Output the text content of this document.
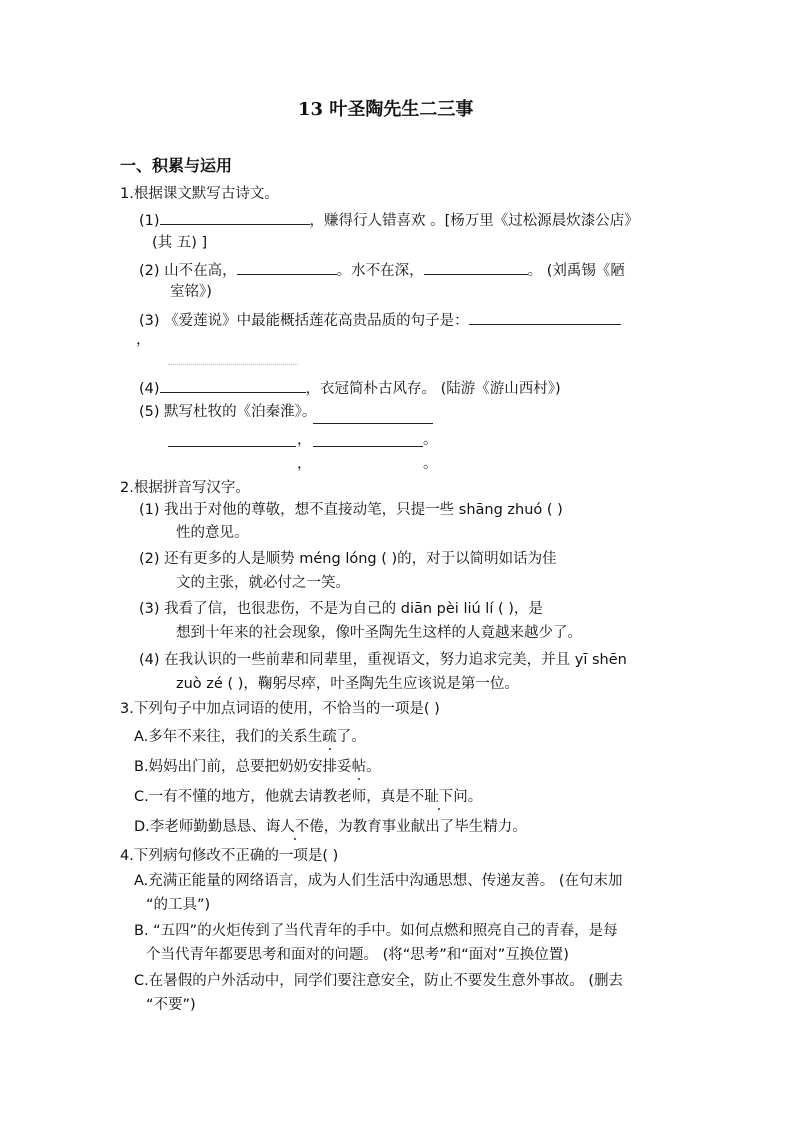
13 叶圣陶先生二三事
一、积累与运用
1.根据课文默写古诗文。
(1)	，赚得行人错喜欢 。[杨万里《过松源晨炊漆公店》
(其 五) ]
(2) 山不在高，	。水不在深，	。 (刘禹锡《陋
室铭》)
(3) 《爱莲说》中最能概括莲花高贵品质的句子是：
，
(4)	，衣冠简朴古风存。 (陆游《游山西村》)
(5) 默写杜牧的《泊秦淮》。
，	。
，	。
2.根据拼音写汉字。
(1) 我出于对他的尊敬，想不直接动笔，只提一些 shāng zhuó ( )
性的意见。
(2) 还有更多的人是顺势 méng lóng ( )的，对于以简明如话为佳
文的主张，就必付之一笑。
(3) 我看了信，也很悲伤，不是为自己的 diān pèi liú lí ( )，是
想到十年来的社会现象，像叶圣陶先生这样的人竟越来越少了。
(4) 在我认识的一些前辈和同辈里，重视语文，努力追求完美，并且 yī shēn
zuò zé ( )，鞠躬尽瘁，叶圣陶先生应该说是第一位。
3.下列句子中加点词语的使用，不恰当的一项是( )
A.多年不来往，我们的关系生疏了。
B.妈妈出门前，总要把奶奶安排妥帖。
C.一有不懂的地方，他就去请教老师，真是不耻下问。
D.李老师勤勤恳恳、诲人不倦，为教育事业献出了毕生精力。
4.下列病句修改不正确的一项是( )
A.充满正能量的网络语言，成为人们生活中沟通思想、传递友善。 (在句末加
“的工具”)
B. “五四”的火炬传到了当代青年的手中。如何点燃和照亮自己的青春，是每
个当代青年都要思考和面对的问题。 (将“思考”和“面对”互换位置)
C.在暑假的户外活动中，同学们要注意安全，防止不要发生意外事故。 (删去
“不要”)
